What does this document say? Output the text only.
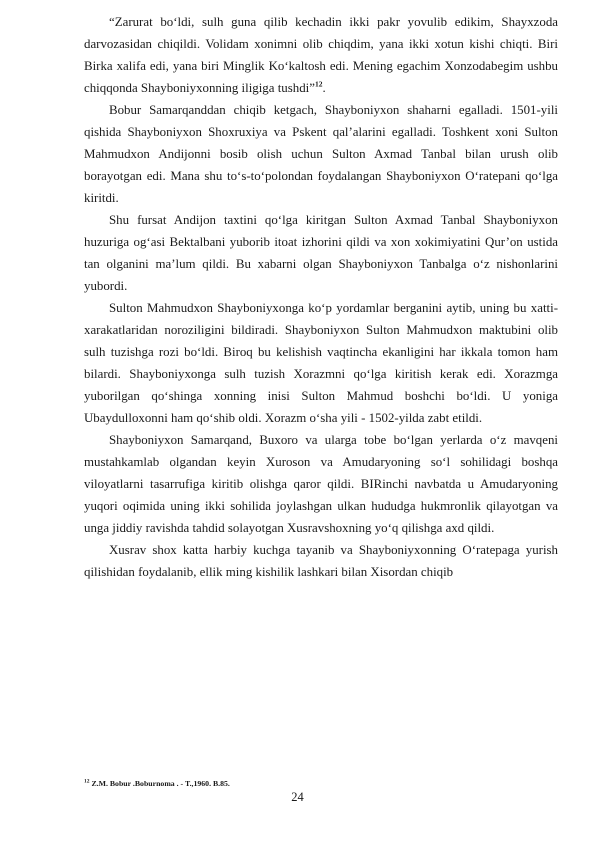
“Zarurat bo‘ldi, sulh guna qilib kechadin ikki pakr yovulib edikim, Shayxzoda darvozasidan chiqildi. Volidam xonimni olib chiqdim, yana ikki xotun kishi chiqti. Biri Birka xalifa edi, yana biri Minglik Ko‘kaltosh edi. Mening egachim Xonzodabegim ushbu chiqqonda Shayboniyxonning iligiga tushdi”$^{12}$.

Bobur Samarqanddan chiqib ketgach, Shayboniyxon shaharni egalladi. 1501-yili qishida Shayboniyxon Shoxruxiya va Pskent qal’alarini egalladi. Toshkent xoni Sulton Mahmudxon Andijonni bosib olish uchun Sulton Axmad Tanbal bilan urush olib borayotgan edi. Mana shu to‘s-to‘polondan foydalangan Shayboniyxon O‘ratepani qo‘lga kiritdi.

Shu fursat Andijon taxtini qo‘lga kiritgan Sulton Axmad Tanbal Shayboniyxon huzuriga og‘asi Bektalbani yuborib itoat izhorini qildi va xon xokimiyatini Qur’on ustida tan olganini ma’lum qildi. Bu xabarni olgan Shayboniyxon Tanbalga o‘z nishonlarini yubordi.

Sulton Mahmudxon Shayboniyxonga ko‘p yordamlar berganini aytib, uning bu xatti-xarakatlaridan noroziligini bildiradi. Shayboniyxon Sulton Mahmudxon maktubini olib sulh tuzishga rozi bo‘ldi. Biroq bu kelishish vaqtincha ekanligini har ikkala tomon ham bilardi. Shayboniyxonga sulh tuzish Xorazmni qo‘lga kiritish kerak edi. Xorazmga yuborilgan qo‘shinga xonning inisi Sulton Mahmud boshchi bo‘ldi. U yoniga Ubaydulloxonni ham qo‘shib oldi. Xorazm o‘sha yili - 1502-yilda zabt etildi.

Shayboniyxon Samarqand, Buxoro va ularga tobe bo‘lgan yerlarda o‘z mavqeni mustahkamlab olgandan keyin Xuroson va Amudaryoning so‘l sohilidagi boshqa viloyatlarni tasarrufiga kiritib olishga qaror qildi. BIRinchi navbatda u Amudaryoning yuqori oqimida uning ikki sohilida joylashgan ulkan hududga hukmronlik qilayotgan va unga jiddiy ravishda tahdid solayotgan Xusravshoxning yo‘q qilishga axd qildi.

Xusrav shox katta harbiy kuchga tayanib va Shayboniyxonning O‘ratepaga yurish qilishidan foydalanib, ellik ming kishilik lashkari bilan Xisordan chiqib

$^{12}$ Z.M. Bobur .Boburnoma . - T.,1960. B.85.
24
